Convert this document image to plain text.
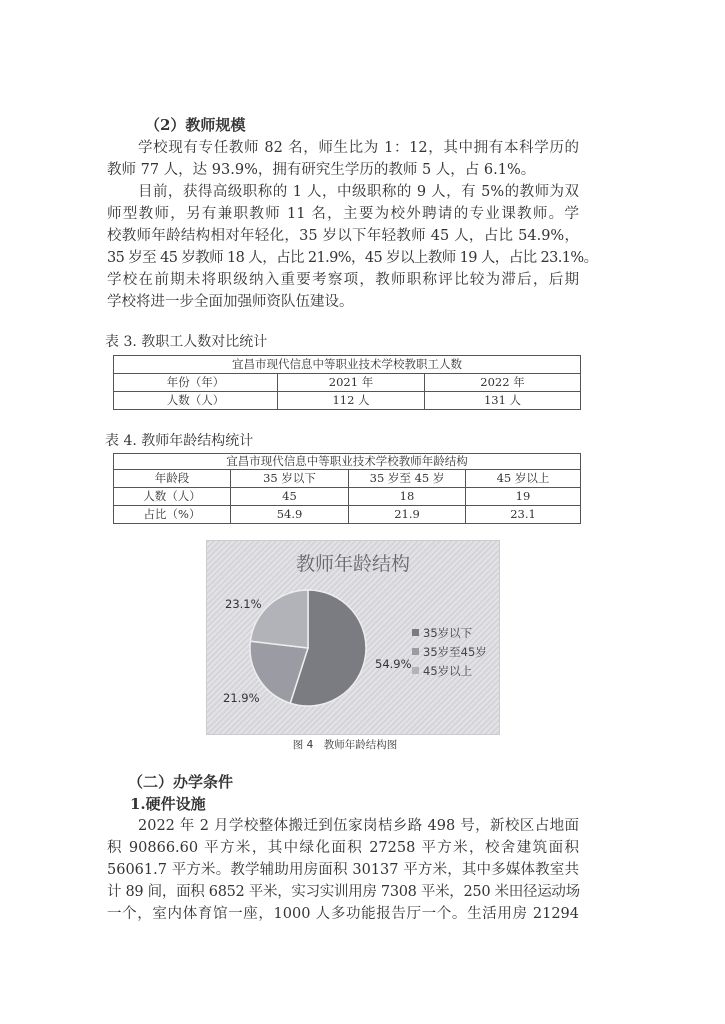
（2）教师规模
学校现有专任教师 82 名，师生比为 1：12，其中拥有本科学历的
教师 77 人，达 93.9%，拥有研究生学历的教师 5 人，占 6.1%。
目前，获得高级职称的 1 人，中级职称的 9 人，有 5%的教师为双
师型教师，另有兼职教师 11 名，主要为校外聘请的专业课教师。学
校教师年龄结构相对年轻化，35 岁以下年轻教师 45 人，占比 54.9%，
35 岁至 45 岁教师 18 人，占比 21.9%，45 岁以上教师 19 人，占比 23.1%。
学校在前期未将职级纳入重要考察项，教师职称评比较为滞后，后期
学校将进一步全面加强师资队伍建设。
表 3. 教职工人数对比统计
宜昌市现代信息中等职业技术学校教职工人数		
年份（年）	2021 年	2022 年
人数（人）	112 人	131 人
表 4. 教师年龄结构统计
宜昌市现代信息中等职业技术学校教师年龄结构			
年龄段	35 岁以下	35 岁至 45 岁	45 岁以上
人数（人）	45	18	19
占比（%）	54.9	21.9	23.1
教师年龄结构
54.9%
21.9%
23.1%
35岁以下
35岁至45岁
45岁以上
图 4　教师年龄结构图
（二）办学条件
1.硬件设施
2022 年 2 月学校整体搬迁到伍家岗桔乡路 498 号，新校区占地面
积 90866.60 平方米，其中绿化面积 27258 平方米，校舍建筑面积
56061.7 平方米。教学辅助用房面积 30137 平方米，其中多媒体教室共
计 89 间，面积 6852 平米，实习实训用房 7308 平米，250 米田径运动场
一个，室内体育馆一座，1000 人多功能报告厅一个。生活用房 21294
